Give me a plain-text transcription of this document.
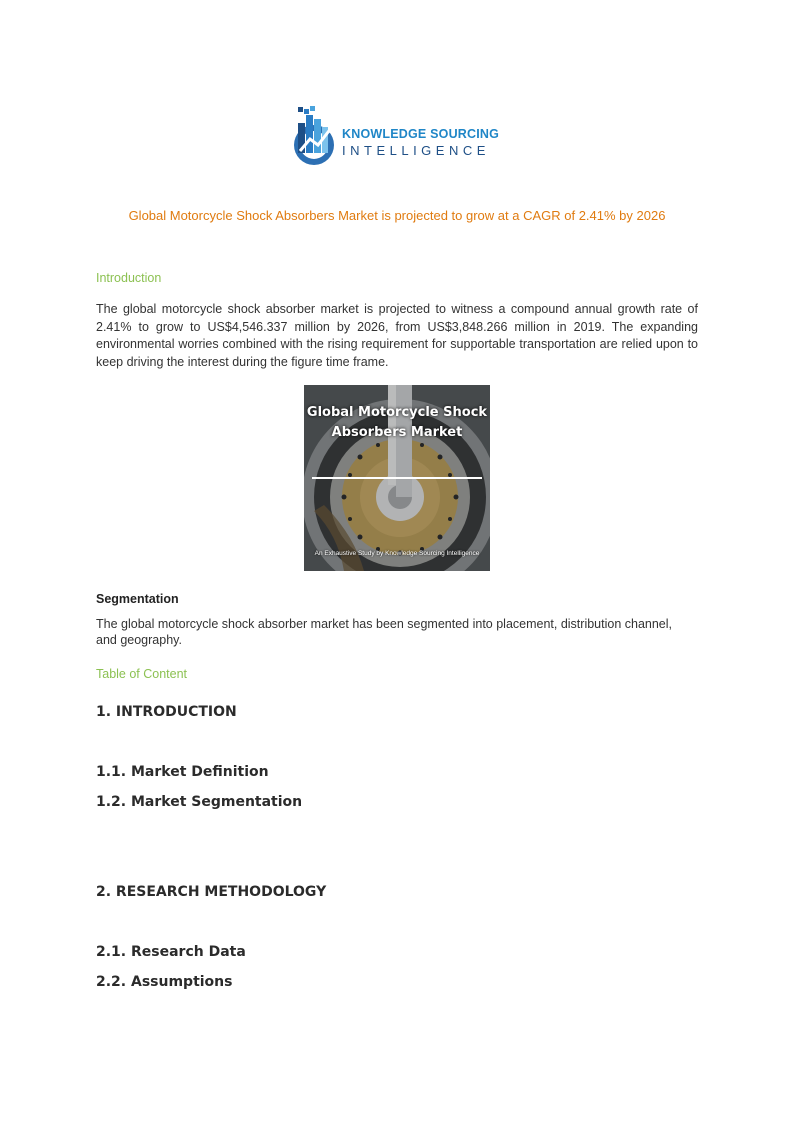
KNOWLEDGE SOURCING
INTELLIGENCE
Global Motorcycle Shock Absorbers Market is projected to grow at a CAGR of 2.41% by 2026
Introduction
The global motorcycle shock absorber market is projected to witness a compound annual growth rate of 2.41% to grow to US$4,546.337 million by 2026, from US$3,848.266 million in 2019. The expanding environmental worries combined with the rising requirement for supportable transportation are relied upon to keep driving the interest during the figure time frame.
Global Motorcycle Shock Absorbers Market
An Exhaustive Study by Knowledge Sourcing Intelligence
Segmentation
The global motorcycle shock absorber market has been segmented into placement, distribution channel, and geography.
Table of Content
1. INTRODUCTION
1.1. Market Definition
1.2. Market Segmentation
2. RESEARCH METHODOLOGY
2.1. Research Data
2.2. Assumptions
